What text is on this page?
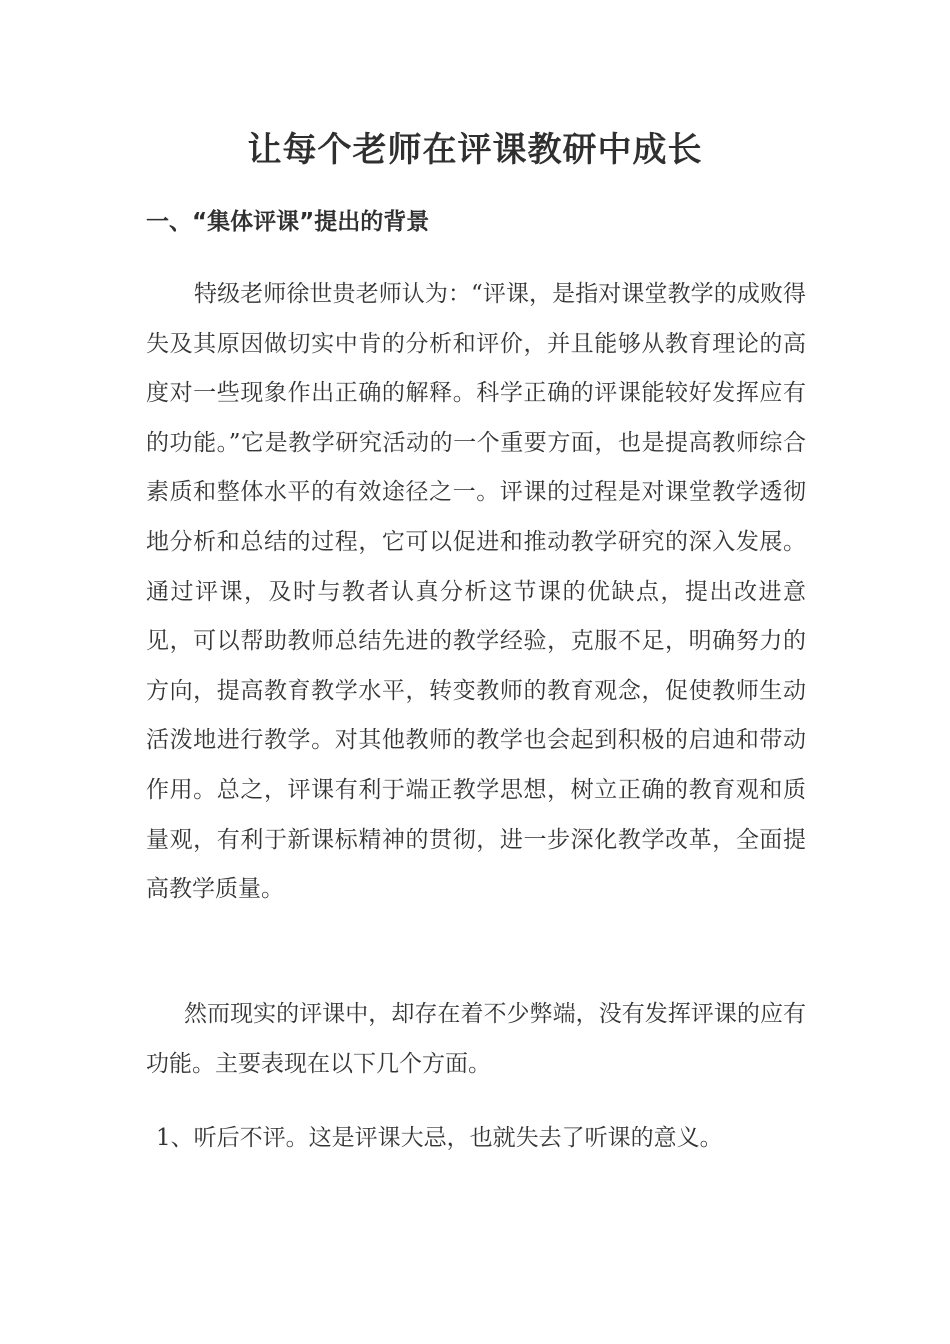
让每个老师在评课教研中成长
一、“集体评课”提出的背景

特级老师徐世贵老师认为：“评课，是指对课堂教学的成败得失及其原因做切实中肯的分析和评价，并且能够从教育理论的高度对一些现象作出正确的解释。科学正确的评课能较好发挥应有的功能。”它是教学研究活动的一个重要方面，也是提高教师综合素质和整体水平的有效途径之一。评课的过程是对课堂教学透彻地分析和总结的过程，它可以促进和推动教学研究的深入发展。通过评课，及时与教者认真分析这节课的优缺点，提出改进意见，可以帮助教师总结先进的教学经验，克服不足，明确努力的方向，提高教育教学水平，转变教师的教育观念，促使教师生动活泼地进行教学。对其他教师的教学也会起到积极的启迪和带动作用。总之，评课有利于端正教学思想，树立正确的教育观和质量观，有利于新课标精神的贯彻，进一步深化教学改革，全面提高教学质量。

然而现实的评课中，却存在着不少弊端，没有发挥评课的应有功能。主要表现在以下几个方面。

1、听后不评。这是评课大忌，也就失去了听课的意义。
